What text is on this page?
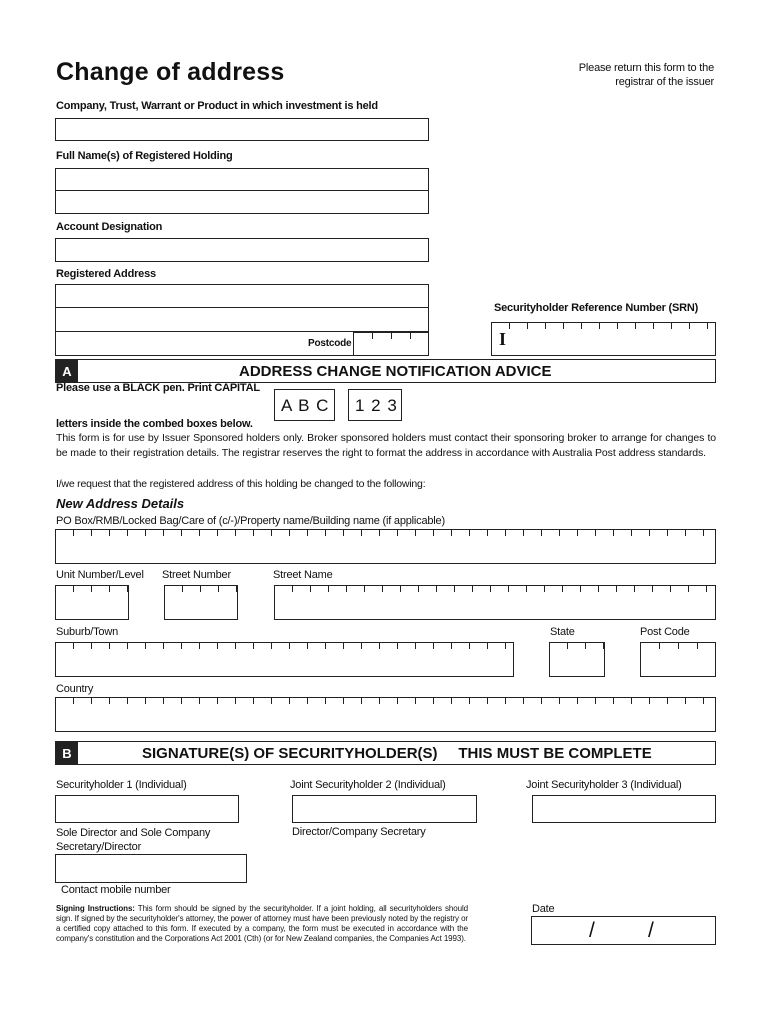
Change of address	Please return this form to the
registrar of the issuer
Company, Trust, Warrant or Product in which investment is held
Full Name(s) of Registered Holding
Account Designation
Registered Address
Postcode
Securityholder Reference Number (SRN)
I
A	ADDRESS CHANGE NOTIFICATION ADVICE
Please use a BLACK pen. Print CAPITAL
A B C 1 2 3
letters inside the combed boxes below.
This form is for use by Issuer Sponsored holders only. Broker sponsored holders must contact their sponsoring broker to arrange for changes to be made to their registration details. The registrar reserves the right to format the address in accordance with Australia Post address standards.
I/we request that the registered address of this holding be changed to the following:
New Address Details
PO Box/RMB/Locked Bag/Care of (c/-)/Property name/Building name (if applicable)
Unit Number/Level Street Number	Street Name
Suburb/Town	State	Post Code
Country
B	SIGNATURE(S) OF SECURITYHOLDER(S)     THIS MUST BE COMPLETE
Securityholder 1 (Individual)	Joint Securityholder 2 (Individual)	Joint Securityholder 3 (Individual)
Sole Director and Sole Company
Secretary/Director
Director/Company Secretary
Contact mobile number
Signing Instructions: This form should be signed by the securityholder. If a joint holding, all securityholders should sign. If signed by the securityholder's attorney, the power of attorney must have been previously noted by the registry or a certified copy attached to this form. If executed by a company, the form must be executed in accordance with the company's constitution and the Corporations Act 2001 (Cth) (or for New Zealand companies, the Companies Act 1993).
Date
/	/
